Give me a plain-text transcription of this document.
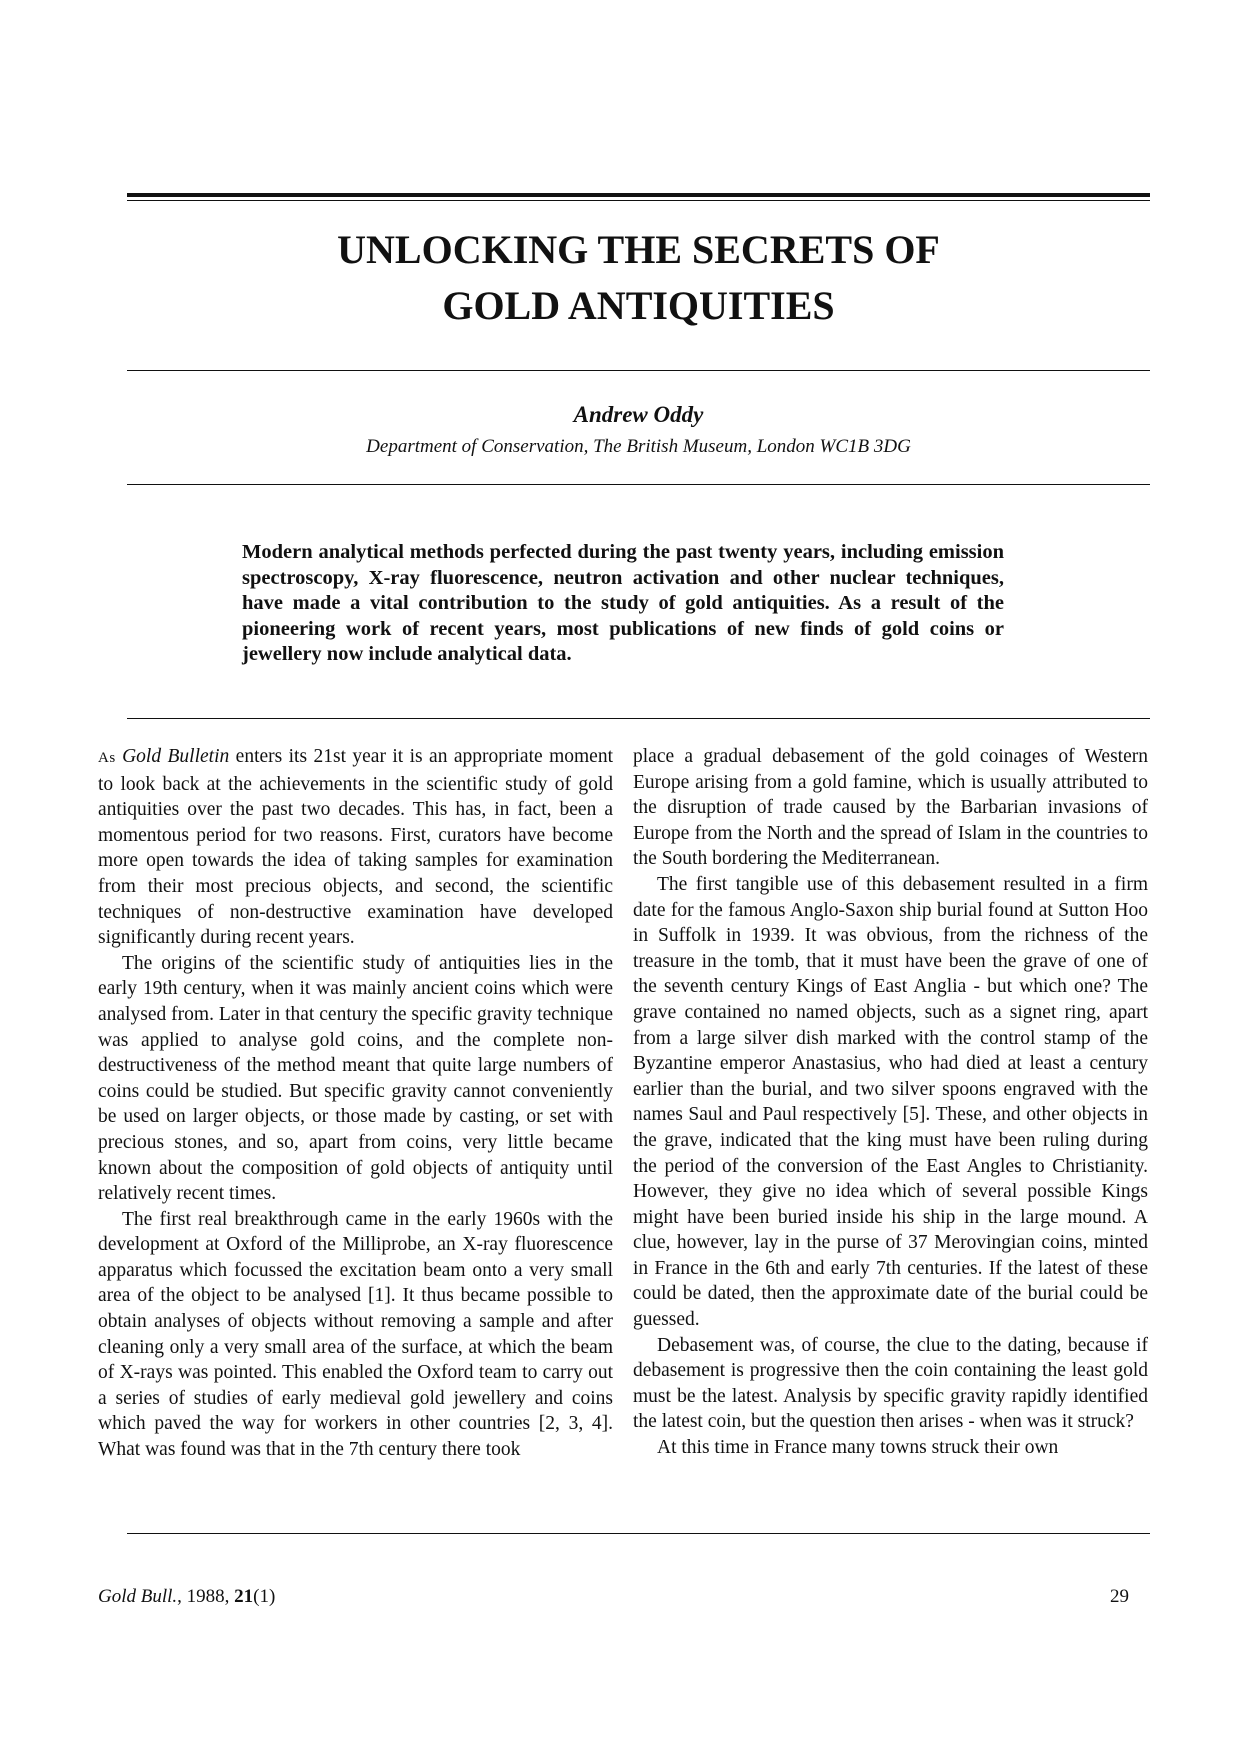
UNLOCKING THE SECRETS OF
GOLD ANTIQUITIES
Andrew Oddy
Department of Conservation, The British Museum, London WC1B 3DG
Modern analytical methods perfected during the past twenty years, including emission spectroscopy, X-ray fluorescence, neutron activation and other nuclear techniques, have made a vital contribution to the study of gold antiquities. As a result of the pioneering work of recent years, most publications of new finds of gold coins or jewellery now include analytical data.

As Gold Bulletin enters its 21st year it is an appropriate moment to look back at the achievements in the scientific study of gold antiquities over the past two decades. This has, in fact, been a momentous period for two reasons. First, curators have become more open towards the idea of taking samples for examination from their most precious objects, and second, the scientific techniques of non-destructive examination have developed significantly during recent years.

The origins of the scientific study of antiquities lies in the early 19th century, when it was mainly ancient coins which were analysed from. Later in that century the specific gravity technique was applied to analyse gold coins, and the complete non-destructiveness of the method meant that quite large numbers of coins could be studied. But specific gravity cannot conveniently be used on larger objects, or those made by casting, or set with precious stones, and so, apart from coins, very little became known about the composition of gold objects of antiquity until relatively recent times.

The first real breakthrough came in the early 1960s with the development at Oxford of the Milliprobe, an X-ray fluorescence apparatus which focussed the excitation beam onto a very small area of the object to be analysed [1]. It thus became possible to obtain analyses of objects without removing a sample and after cleaning only a very small area of the surface, at which the beam of X-rays was pointed. This enabled the Oxford team to carry out a series of studies of early medieval gold jewellery and coins which paved the way for workers in other countries [2, 3, 4]. What was found was that in the 7th century there took

place a gradual debasement of the gold coinages of Western Europe arising from a gold famine, which is usually attributed to the disruption of trade caused by the Barbarian invasions of Europe from the North and the spread of Islam in the countries to the South bordering the Mediterranean.

The first tangible use of this debasement resulted in a firm date for the famous Anglo-Saxon ship burial found at Sutton Hoo in Suffolk in 1939. It was obvious, from the richness of the treasure in the tomb, that it must have been the grave of one of the seventh century Kings of East Anglia - but which one? The grave contained no named objects, such as a signet ring, apart from a large silver dish marked with the control stamp of the Byzantine emperor Anastasius, who had died at least a century earlier than the burial, and two silver spoons engraved with the names Saul and Paul respectively [5]. These, and other objects in the grave, indicated that the king must have been ruling during the period of the conversion of the East Angles to Christianity. However, they give no idea which of several possible Kings might have been buried inside his ship in the large mound. A clue, however, lay in the purse of 37 Merovingian coins, minted in France in the 6th and early 7th centuries. If the latest of these could be dated, then the approximate date of the burial could be guessed.

Debasement was, of course, the clue to the dating, because if debasement is progressive then the coin containing the least gold must be the latest. Analysis by specific gravity rapidly identified the latest coin, but the question then arises - when was it struck?

At this time in France many towns struck their own

Gold Bull., 1988, 21(1)	29
